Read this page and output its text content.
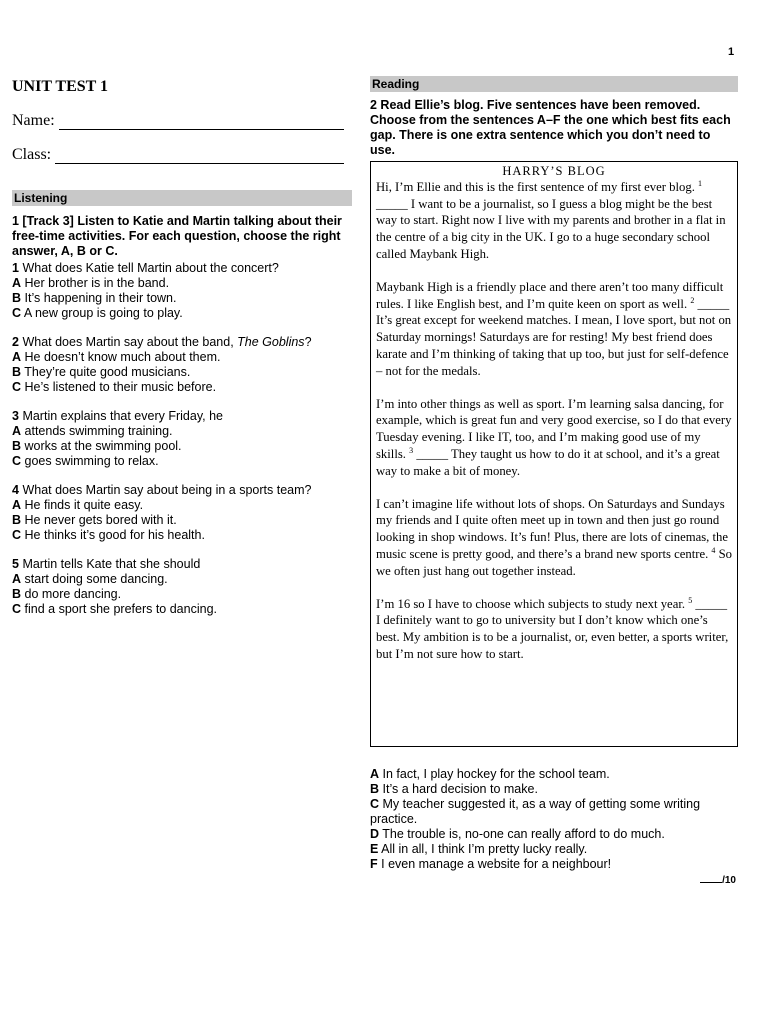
1
UNIT TEST 1
Name:
Class:
Listening
1 [Track 3] Listen to Katie and Martin talking about their free-time activities. For each question, choose the right answer, A, B or C.
1 What does Katie tell Martin about the concert?
A Her brother is in the band.
B It’s happening in their town.
C A new group is going to play.
2 What does Martin say about the band, The Goblins?
A He doesn’t know much about them.
B They’re quite good musicians.
C He’s listened to their music before.
3 Martin explains that every Friday, he
A attends swimming training.
B works at the swimming pool.
C goes swimming to relax.
4 What does Martin say about being in a sports team?
A He finds it quite easy.
B He never gets bored with it.
C He thinks it’s good for his health.
5 Martin tells Kate that she should
A start doing some dancing.
B do more dancing.
C find a sport she prefers to dancing.
Reading
2 Read Ellie’s blog. Five sentences have been removed. Choose from the sentences A–F the one which best fits each gap. There is one extra sentence which you don’t need to use.
HARRY’S BLOG

Hi, I’m Ellie and this is the first sentence of my first ever blog. $^1$ _____ I want to be a journalist, so I guess a blog might be the best way to start. Right now I live with my parents and brother in a flat in the centre of a big city in the UK. I go to a huge secondary school called Maybank High.

Maybank High is a friendly place and there aren’t too many difficult rules. I like English best, and I’m quite keen on sport as well. $^2$ _____ It’s great except for weekend matches. I mean, I love sport, but not on Saturday mornings! Saturdays are for resting! My best friend does karate and I’m thinking of taking that up too, but just for self-defence – not for the medals.

I’m into other things as well as sport. I’m learning salsa dancing, for example, which is great fun and very good exercise, so I do that every Tuesday evening. I like IT, too, and I’m making good use of my skills. $^3$ _____ They taught us how to do it at school, and it’s a great way to make a bit of money.

I can’t imagine life without lots of shops. On Saturdays and Sundays my friends and I quite often meet up in town and then just go round looking in shop windows. It’s fun! Plus, there are lots of cinemas, the music scene is pretty good, and there’s a brand new sports centre. $^4$ So we often just hang out together instead.

I’m 16 so I have to choose which subjects to study next year. $^5$ _____ I definitely want to go to university but I don’t know which one’s best. My ambition is to be a journalist, or, even better, a sports writer, but I’m not sure how to start.

A In fact, I play hockey for the school team.
B It’s a hard decision to make.
C My teacher suggested it, as a way of getting some writing practice.
D The trouble is, no-one can really afford to do much.
E All in all, I think I’m pretty lucky really.
F I even manage a website for a neighbour!
/10
